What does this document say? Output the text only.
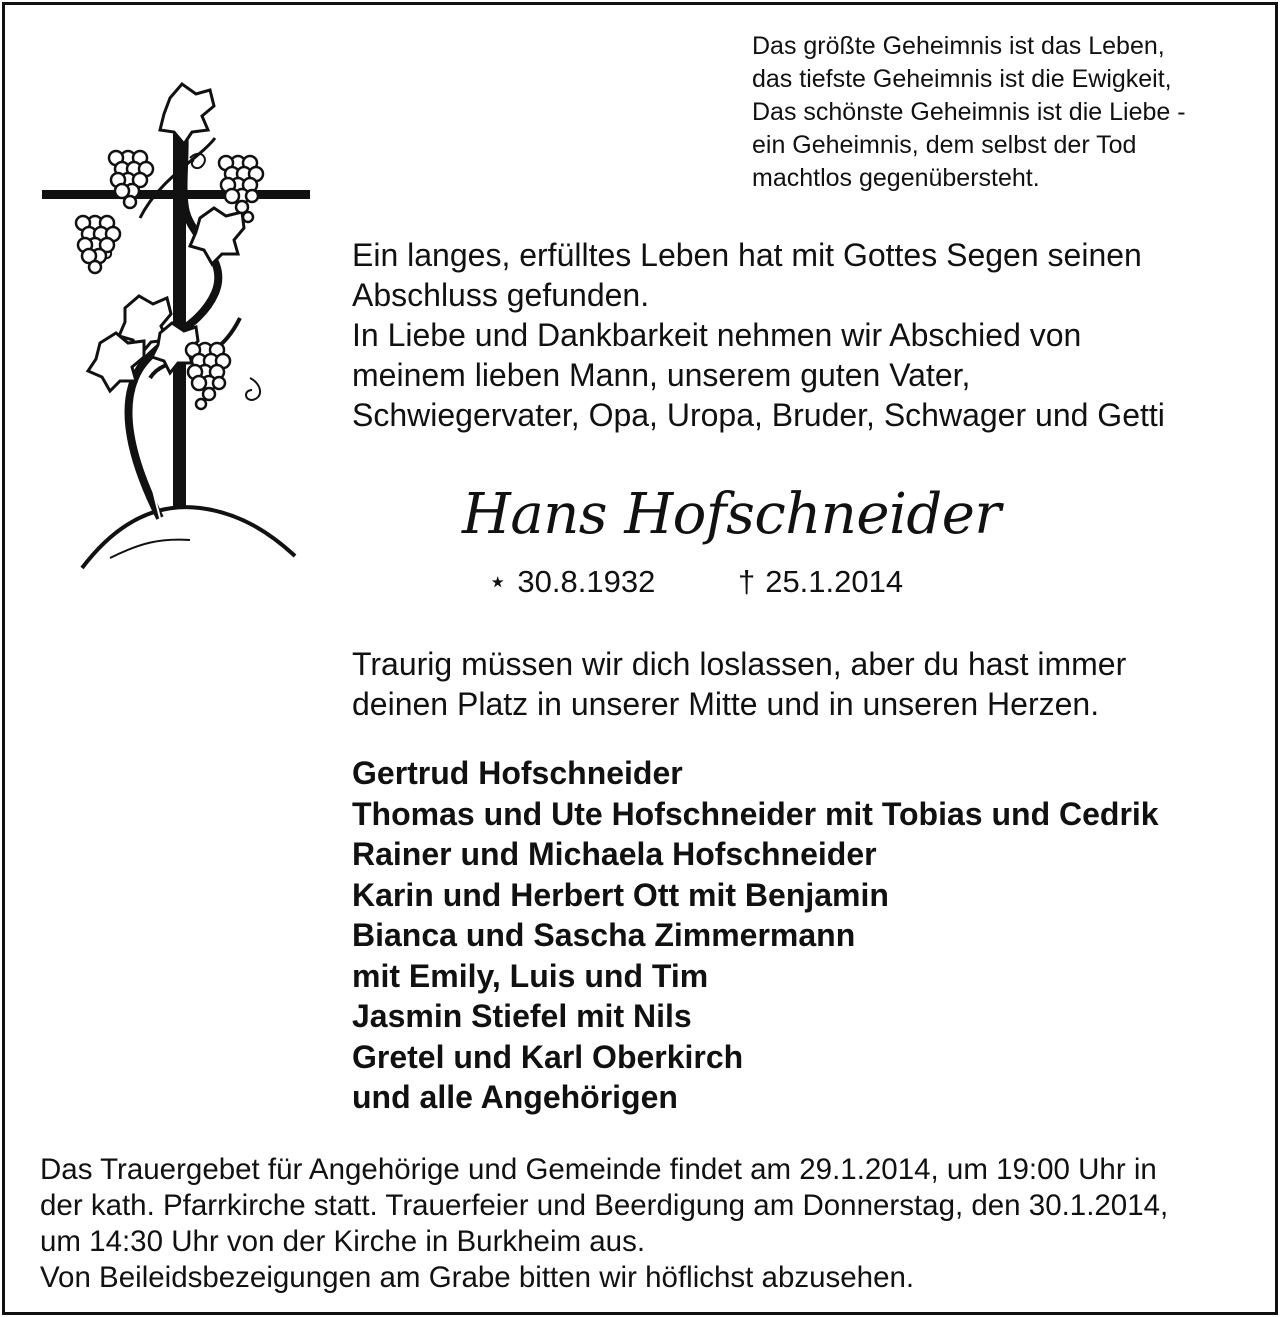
Das größte Geheimnis ist das Leben,
das tiefste Geheimnis ist die Ewigkeit,
Das schönste Geheimnis ist die Liebe -
ein Geheimnis, dem selbst der Tod
machtlos gegenübersteht.
Ein langes, erfülltes Leben hat mit Gottes Segen seinen
Abschluss gefunden.
In Liebe und Dankbarkeit nehmen wir Abschied von
meinem lieben Mann, unserem guten Vater,
Schwiegervater, Opa, Uropa, Bruder, Schwager und Getti
Hans Hofschneider
⋆ 30.8.1932	† 25.1.2014
Traurig müssen wir dich loslassen, aber du hast immer
deinen Platz in unserer Mitte und in unseren Herzen.
Gertrud Hofschneider
Thomas und Ute Hofschneider mit Tobias und Cedrik
Rainer und Michaela Hofschneider
Karin und Herbert Ott mit Benjamin
Bianca und Sascha Zimmermann
mit Emily, Luis und Tim
Jasmin Stiefel mit Nils
Gretel und Karl Oberkirch
und alle Angehörigen
Das Trauergebet für Angehörige und Gemeinde findet am 29.1.2014, um 19:00 Uhr in
der kath. Pfarrkirche statt. Trauerfeier und Beerdigung am Donnerstag, den 30.1.2014,
um 14:30 Uhr von der Kirche in Burkheim aus.
Von Beileidsbezeigungen am Grabe bitten wir höflichst abzusehen.
